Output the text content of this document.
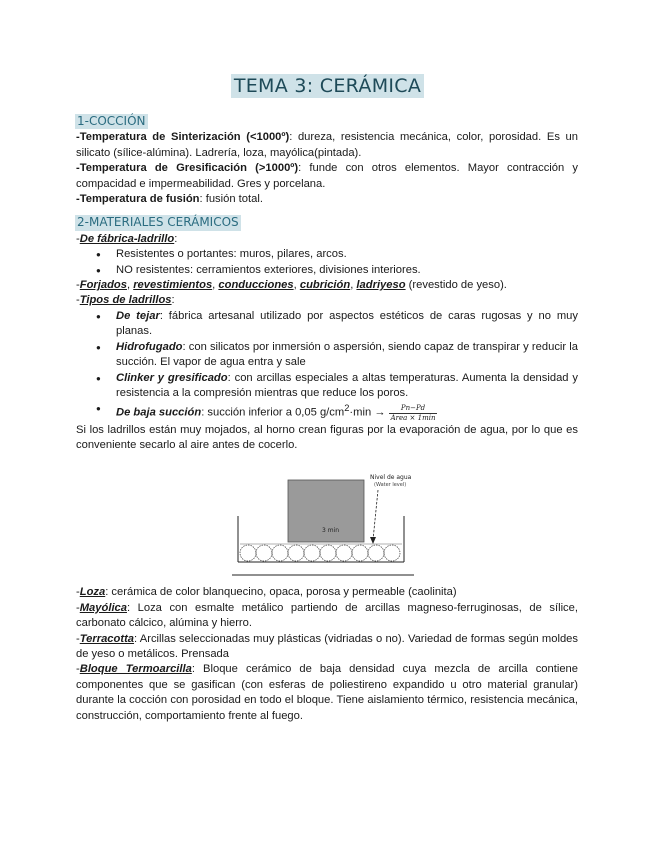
TEMA 3: CERÁMICA
1-COCCIÓN

-Temperatura de Sinterización (<1000º): dureza, resistencia mecánica, color, porosidad. Es un silicato (sílice-alúmina). Ladrería, loza, mayólica(pintada).

-Temperatura de Gresificación (>1000º): funde con otros elementos. Mayor contracción y compacidad e impermeabilidad. Gres y porcelana.

-Temperatura de fusión: fusión total.

2-MATERIALES CERÁMICOS

-De fábrica-ladrillo:

● Resistentes o portantes: muros, pilares, arcos.
● NO resistentes: cerramientos exteriores, divisiones interiores.

-Forjados, revestimientos, conducciones, cubrición, ladriyeso (revestido de yeso).

-Tipos de ladrillos:

● De tejar: fábrica artesanal utilizado por aspectos estéticos de caras rugosas y no muy planas.
● Hidrofugado: con silicatos por inmersión o aspersión, siendo capaz de transpirar y reducir la succión. El vapor de agua entra y sale
● Clinker y gresificado: con arcillas especiales a altas temperaturas. Aumenta la densidad y resistencia a la compresión mientras que reduce los poros.
● De baja succión: succión inferior a 0,05 $g/cm^2\cdot\min \to \frac{Pn-Pd}{\text{Area × 1min}}$

Si los ladrillos están muy mojados, al horno crean figuras por la evaporación de agua, por lo que es conveniente secarlo al aire antes de cocerlo.

-Loza: cerámica de color blanquecino, opaca, porosa y permeable (caolinita)

-Mayólica: Loza con esmalte metálico partiendo de arcillas magneso-ferruginosas, de sílice, carbonato cálcico, alúmina y hierro.

-Terracotta: Arcillas seleccionadas muy plásticas (vidriadas o no). Variedad de formas según moldes de yeso o metálicos. Prensada

-Bloque Termoarcilla: Bloque cerámico de baja densidad cuya mezcla de arcilla contiene componentes que se gasifican (con esferas de poliestireno expandido u otro material granular) durante la cocción con porosidad en todo el bloque. Tiene aislamiento térmico, resistencia mecánica, construcción, comportamiento frente al fuego.

3 min
Nivel de agua
(Water level)
